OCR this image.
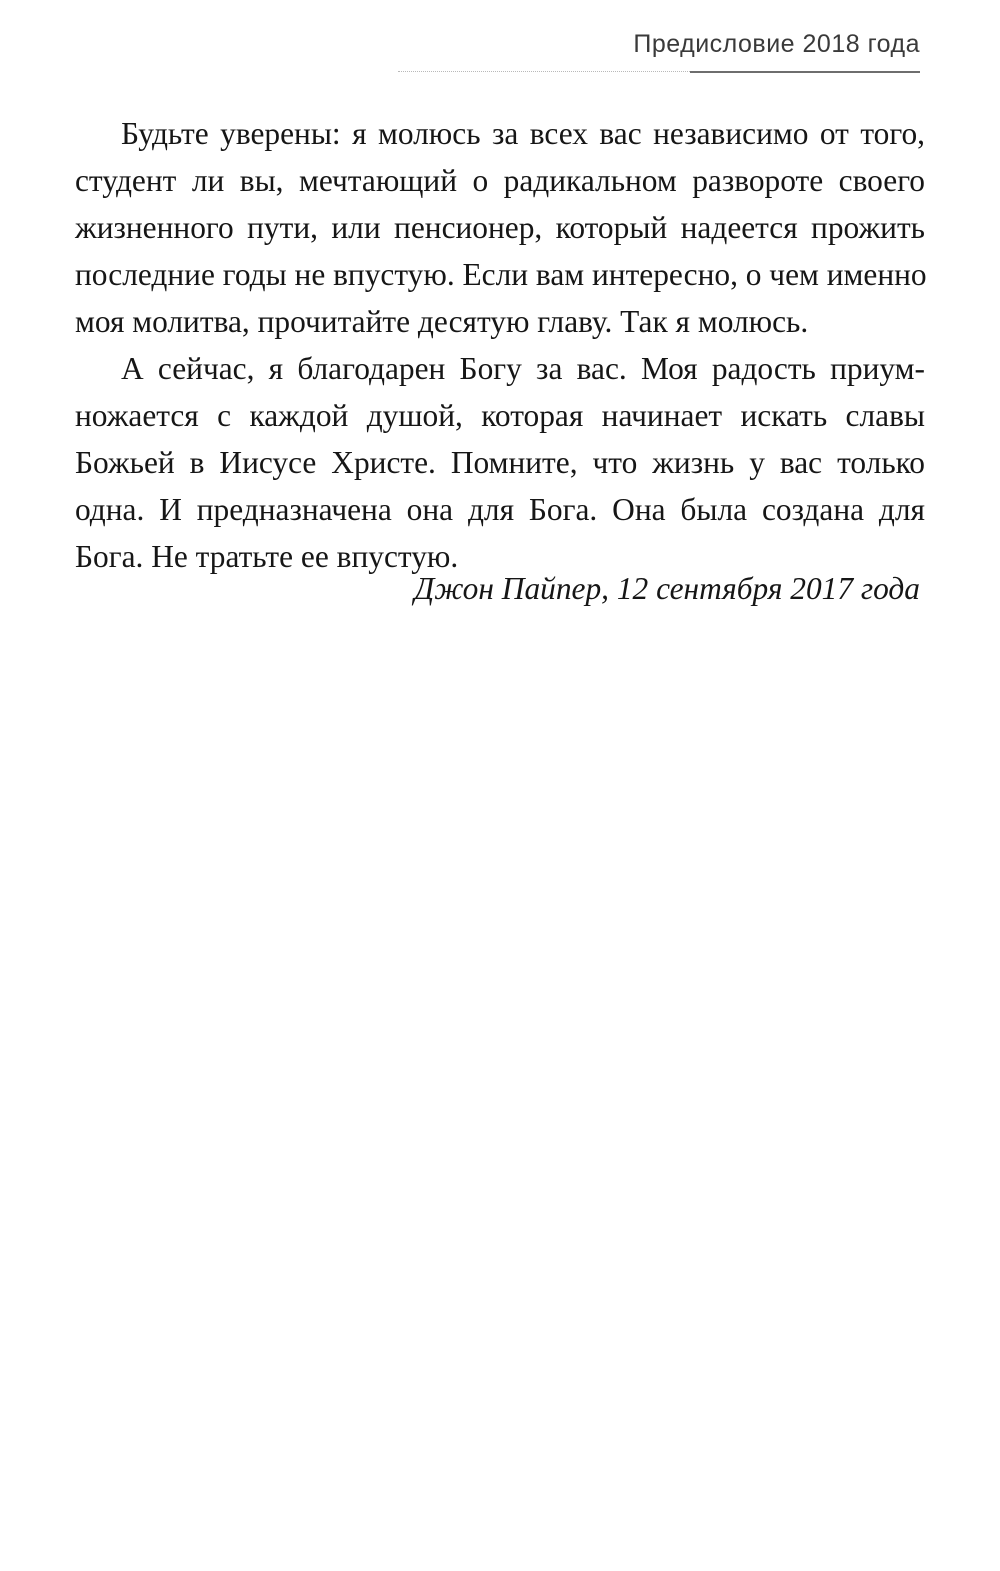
Предисловие 2018 года
Будьте уверены: я молюсь за всех вас независимо от того,
студент ли вы, мечтающий о радикальном развороте своего
жизненного пути, или пенсионер, который надеется прожить
последние годы не впустую. Если вам интересно, о чем именно
моя молитва, прочитайте десятую главу. Так я молюсь.
А сейчас, я благодарен Богу за вас. Моя радость приум-
ножается с каждой душой, которая начинает искать славы
Божьей в Иисусе Христе. Помните, что жизнь у вас только
одна. И предназначена она для Бога. Она была создана для
Бога. Не тратьте ее впустую.
Джон Пайпер, 12 сентября 2017 года
